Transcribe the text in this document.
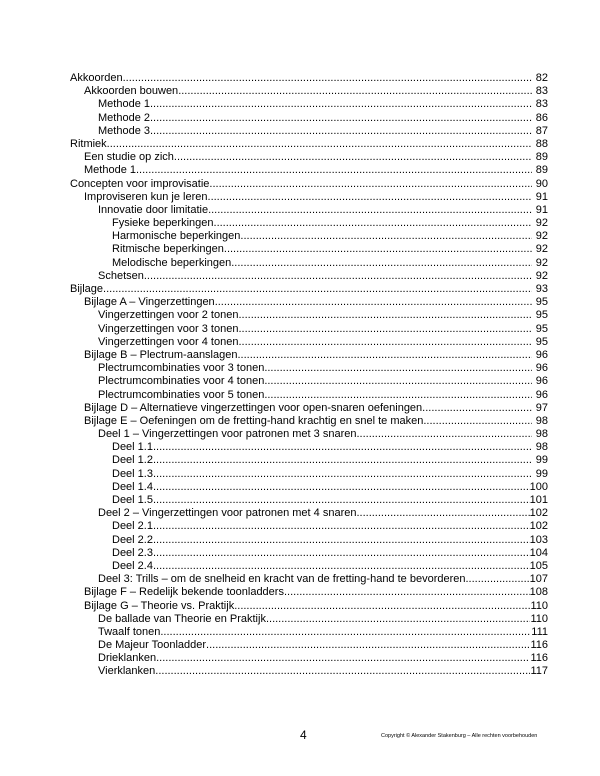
Akkoorden .....	82
Akkoorden bouwen .....	83
Methode 1 .....	83
Methode 2 .....	86
Methode 3 .....	87
Ritmiek .....	88
Een studie op zich .....	89
Methode 1 .....	89
Concepten voor improvisatie .....	90
Improviseren kun je leren .....	91
Innovatie door limitatie .....	91
Fysieke beperkingen .....	92
Harmonische beperkingen .....	92
Ritmische beperkingen .....	92
Melodische beperkingen .....	92
Schetsen .....	92
Bijlage .....	93
Bijlage A – Vingerzettingen .....	95
Vingerzettingen voor 2 tonen .....	95
Vingerzettingen voor 3 tonen .....	95
Vingerzettingen voor 4 tonen .....	95
Bijlage B – Plectrum-aanslagen .....	96
Plectrumcombinaties voor 3 tonen .....	96
Plectrumcombinaties voor 4 tonen .....	96
Plectrumcombinaties voor 5 tonen .....	96
Bijlage D – Alternatieve vingerzettingen voor open-snaren oefeningen .....	97
Bijlage E – Oefeningen om de fretting-hand krachtig en snel te maken .....	98
Deel 1 – Vingerzettingen voor patronen met 3 snaren .....	98
Deel 1.1 .....	98
Deel 1.2 .....	99
Deel 1.3 .....	99
Deel 1.4 .....	100
Deel 1.5 .....	101
Deel 2 – Vingerzettingen voor patronen met 4 snaren .....	102
Deel 2.1 .....	102
Deel 2.2 .....	103
Deel 2.3 .....	104
Deel 2.4 .....	105
Deel 3: Trills – om de snelheid en kracht van de fretting-hand te bevorderen .....	107
Bijlage F – Redelijk bekende toonladders .....	108
Bijlage G – Theorie vs. Praktijk .....	110
De ballade van Theorie en Praktijk .....	110
Twaalf tonen .....	111
De Majeur Toonladder .....	116
Drieklanken .....	116
Vierklanken .....	117
4	Copyright © Alexander Stakenburg – Alle rechten voorbehouden
